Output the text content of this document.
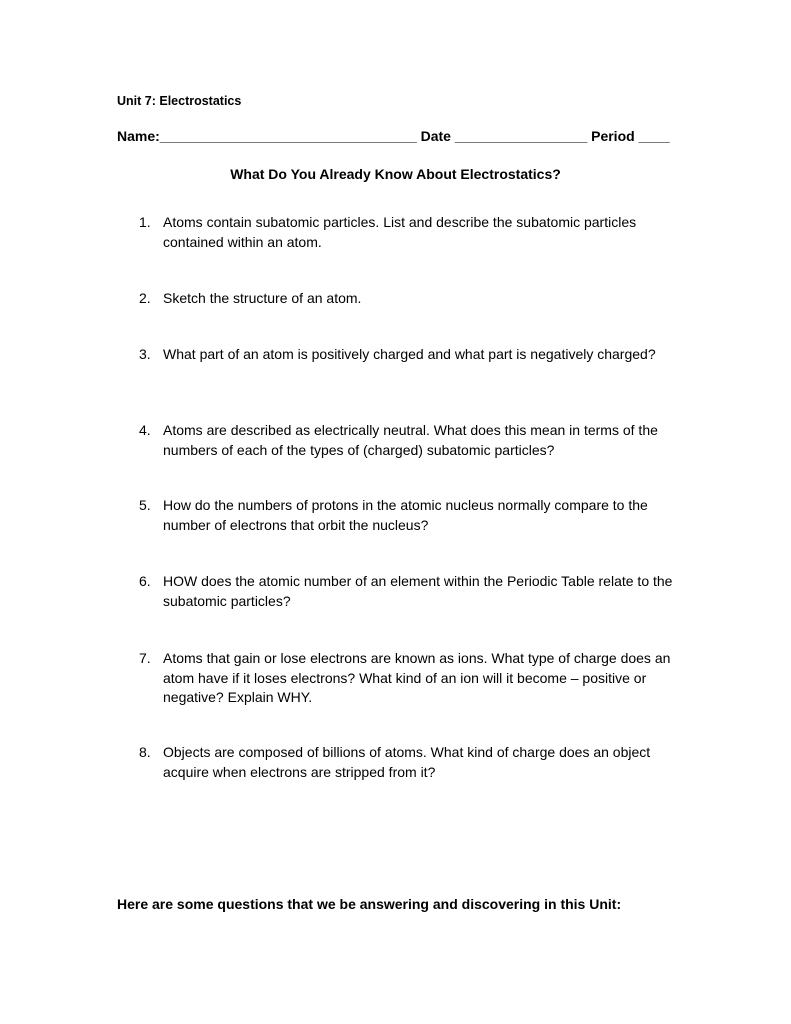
Unit 7: Electrostatics
Name:_________________________________ Date _________________ Period ____
What Do You Already Know About Electrostatics?
1. Atoms contain subatomic particles. List and describe the subatomic particles contained within an atom.
2. Sketch the structure of an atom.
3. What part of an atom is positively charged and what part is negatively charged?
4. Atoms are described as electrically neutral. What does this mean in terms of the numbers of each of the types of (charged) subatomic particles?
5. How do the numbers of protons in the atomic nucleus normally compare to the number of electrons that orbit the nucleus?
6. HOW does the atomic number of an element within the Periodic Table relate to the subatomic particles?
7. Atoms that gain or lose electrons are known as ions. What type of charge does an atom have if it loses electrons? What kind of an ion will it become – positive or negative? Explain WHY.
8. Objects are composed of billions of atoms. What kind of charge does an object acquire when electrons are stripped from it?
Here are some questions that we be answering and discovering in this Unit:
